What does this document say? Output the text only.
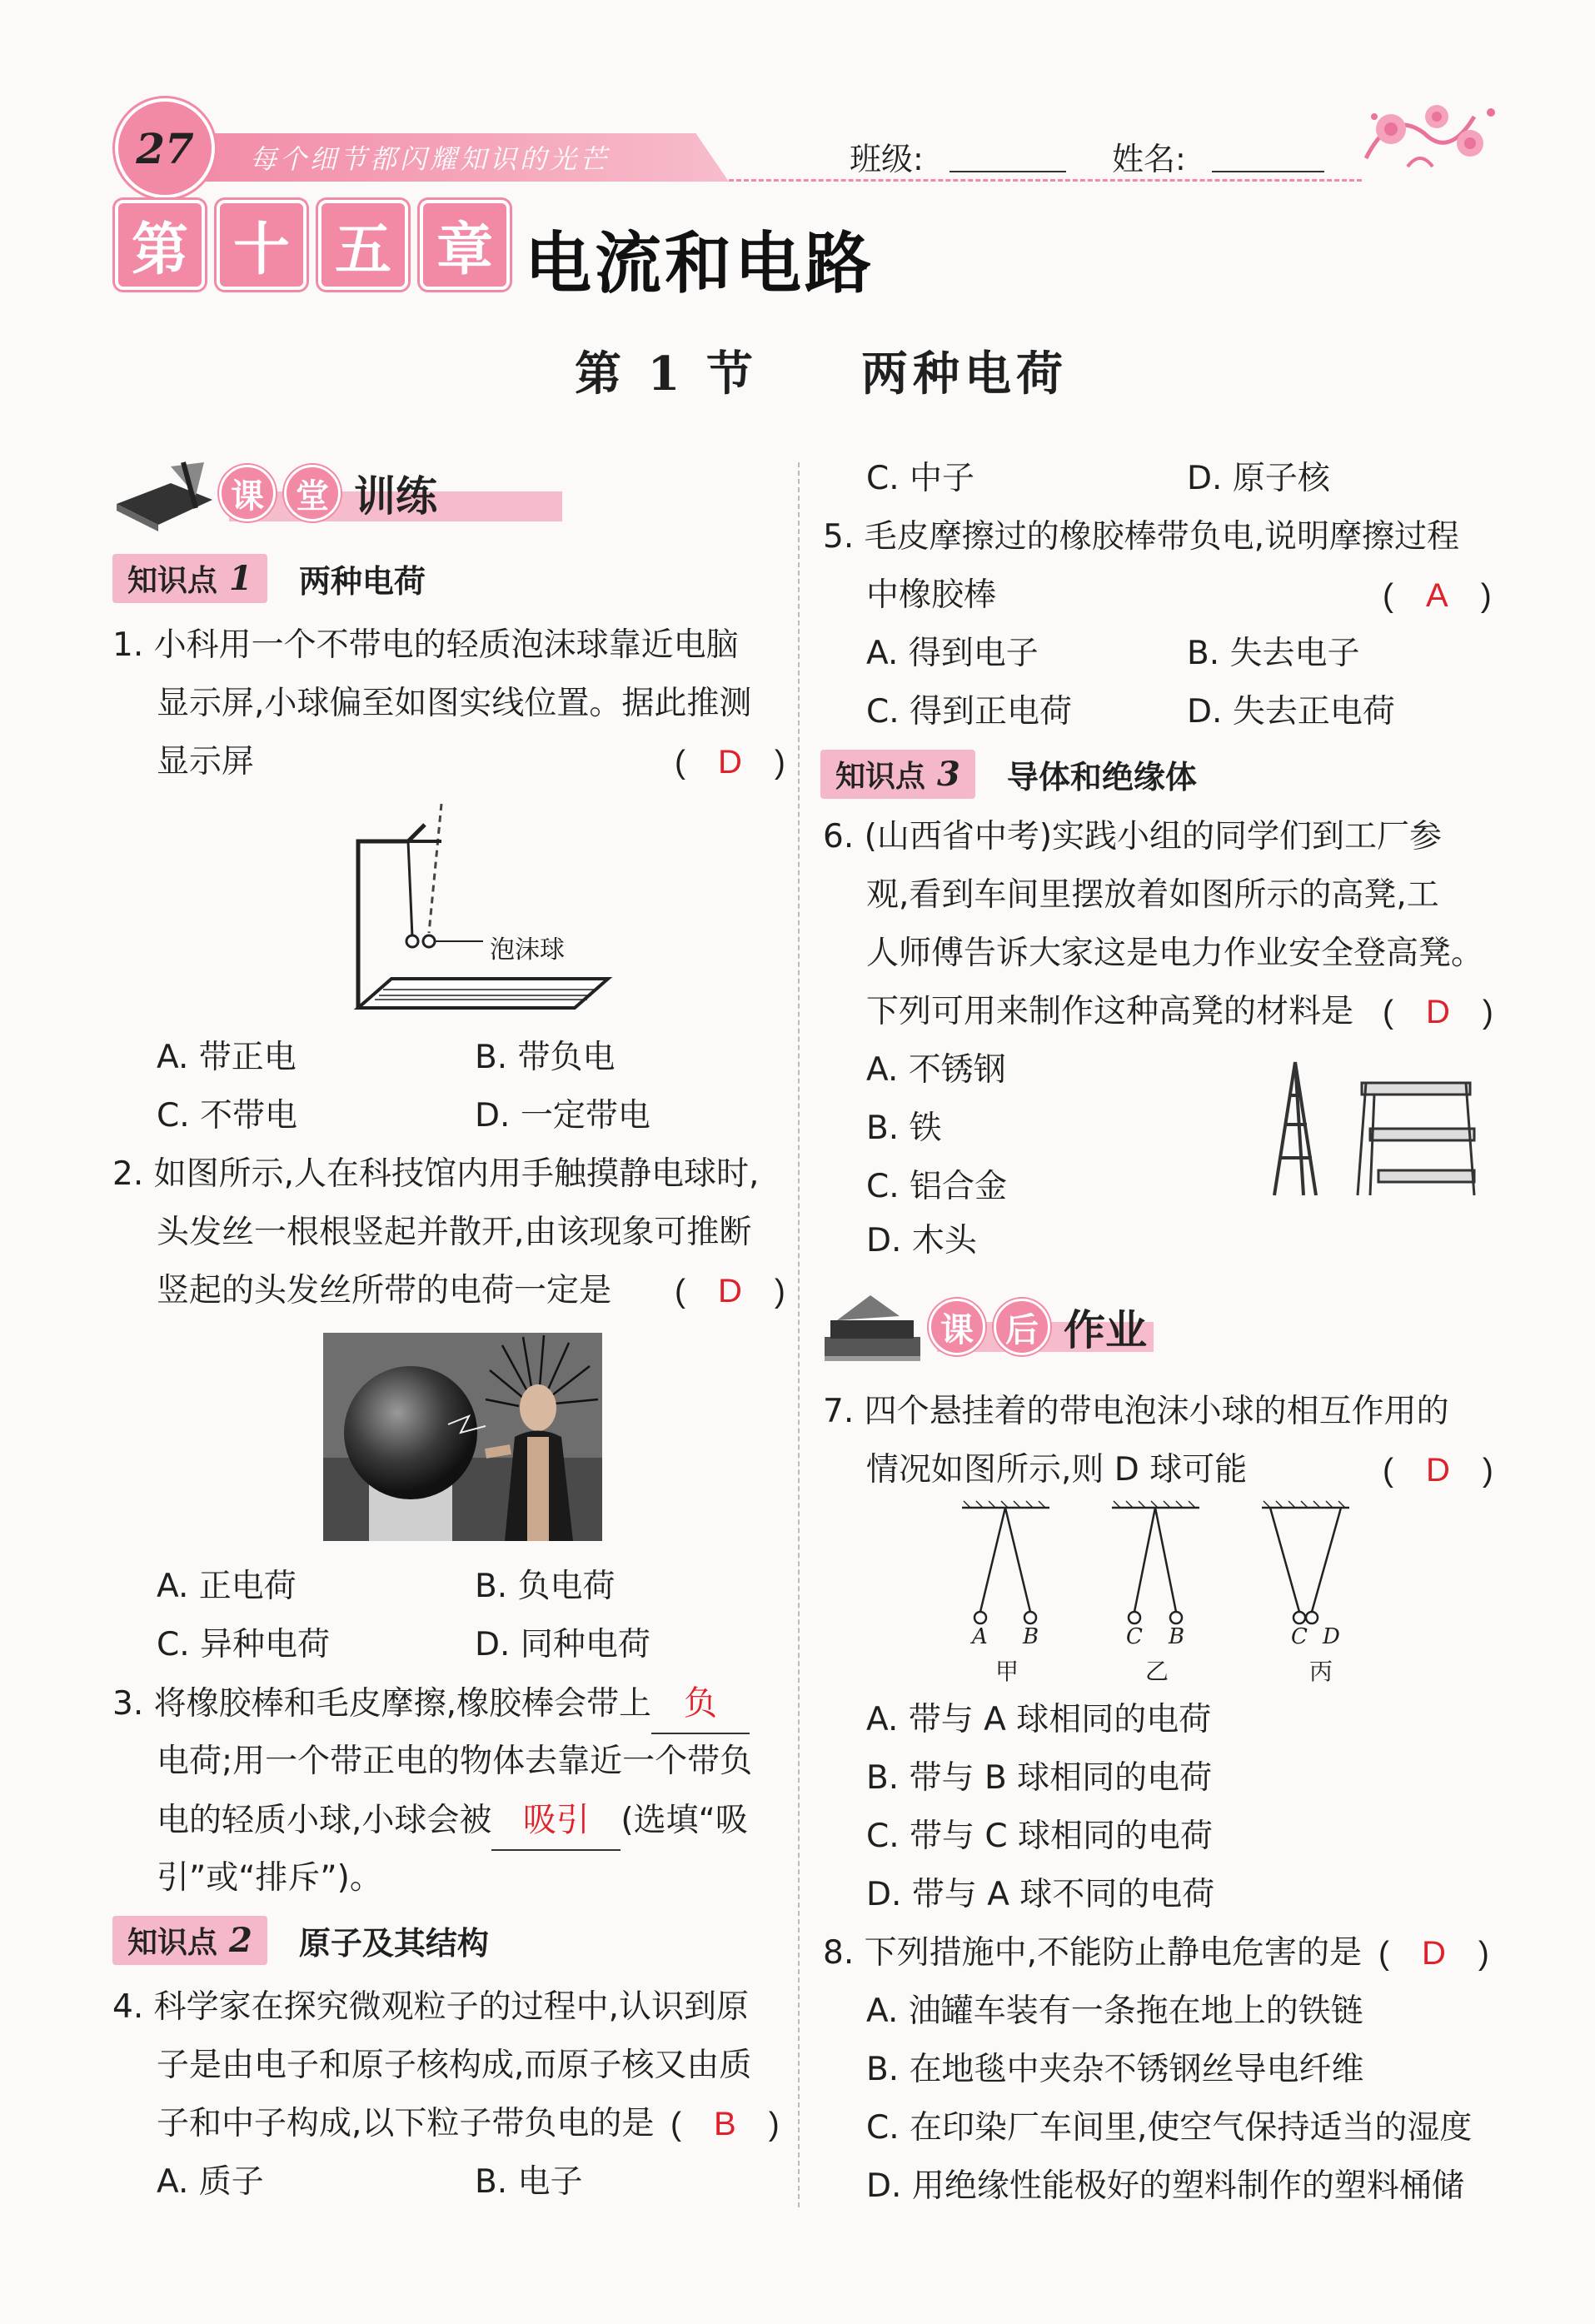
每个细节都闪耀知识的光芒
27	班级:	姓名:
第 十 五 章 电流和电路
第 1 节　　两种电荷
课 堂 训练
知识点 1 两种电荷
1. 小科用一个不带电的轻质泡沫球靠近电脑
显示屏,小球偏至如图实线位置。据此推测
显示屏	(　D　)
泡沫球
A. 带正电	B. 带负电
C. 不带电	D. 一定带电
2. 如图所示,人在科技馆内用手触摸静电球时,
头发丝一根根竖起并散开,由该现象可推断
竖起的头发丝所带的电荷一定是 (　D　)
A. 正电荷	B. 负电荷
C. 异种电荷	D. 同种电荷
3. 将橡胶棒和毛皮摩擦,橡胶棒会带上 负
电荷;用一个带正电的物体去靠近一个带负
电的轻质小球,小球会被 吸引 (选填“吸
引”或“排斥”)。
知识点 2 原子及其结构
4. 科学家在探究微观粒子的过程中,认识到原
子是由电子和原子核构成,而原子核又由质
子和中子构成,以下粒子带负电的是 (　B　)
A. 质子	B. 电子
C. 中子	D. 原子核
5. 毛皮摩擦过的橡胶棒带负电,说明摩擦过程
中橡胶棒	(　A　)
A. 得到电子	B. 失去电子
C. 得到正电荷	D. 失去正电荷
知识点 3 导体和绝缘体
6. (山西省中考)实践小组的同学们到工厂参
观,看到车间里摆放着如图所示的高凳,工
人师傅告诉大家这是电力作业安全登高凳。
下列可用来制作这种高凳的材料是 (　D　)
A. 不锈钢
B. 铁
C. 铝合金
D. 木头
课 后 作业
7. 四个悬挂着的带电泡沫小球的相互作用的
情况如图所示,则 D 球可能	(　D　)
A B
甲
C B
乙
C D
丙
A. 带与 A 球相同的电荷
B. 带与 B 球相同的电荷
C. 带与 C 球相同的电荷
D. 带与 A 球不同的电荷
8. 下列措施中,不能防止静电危害的是 (　D　)
A. 油罐车装有一条拖在地上的铁链
B. 在地毯中夹杂不锈钢丝导电纤维
C. 在印染厂车间里,使空气保持适当的湿度
D. 用绝缘性能极好的塑料制作的塑料桶储
